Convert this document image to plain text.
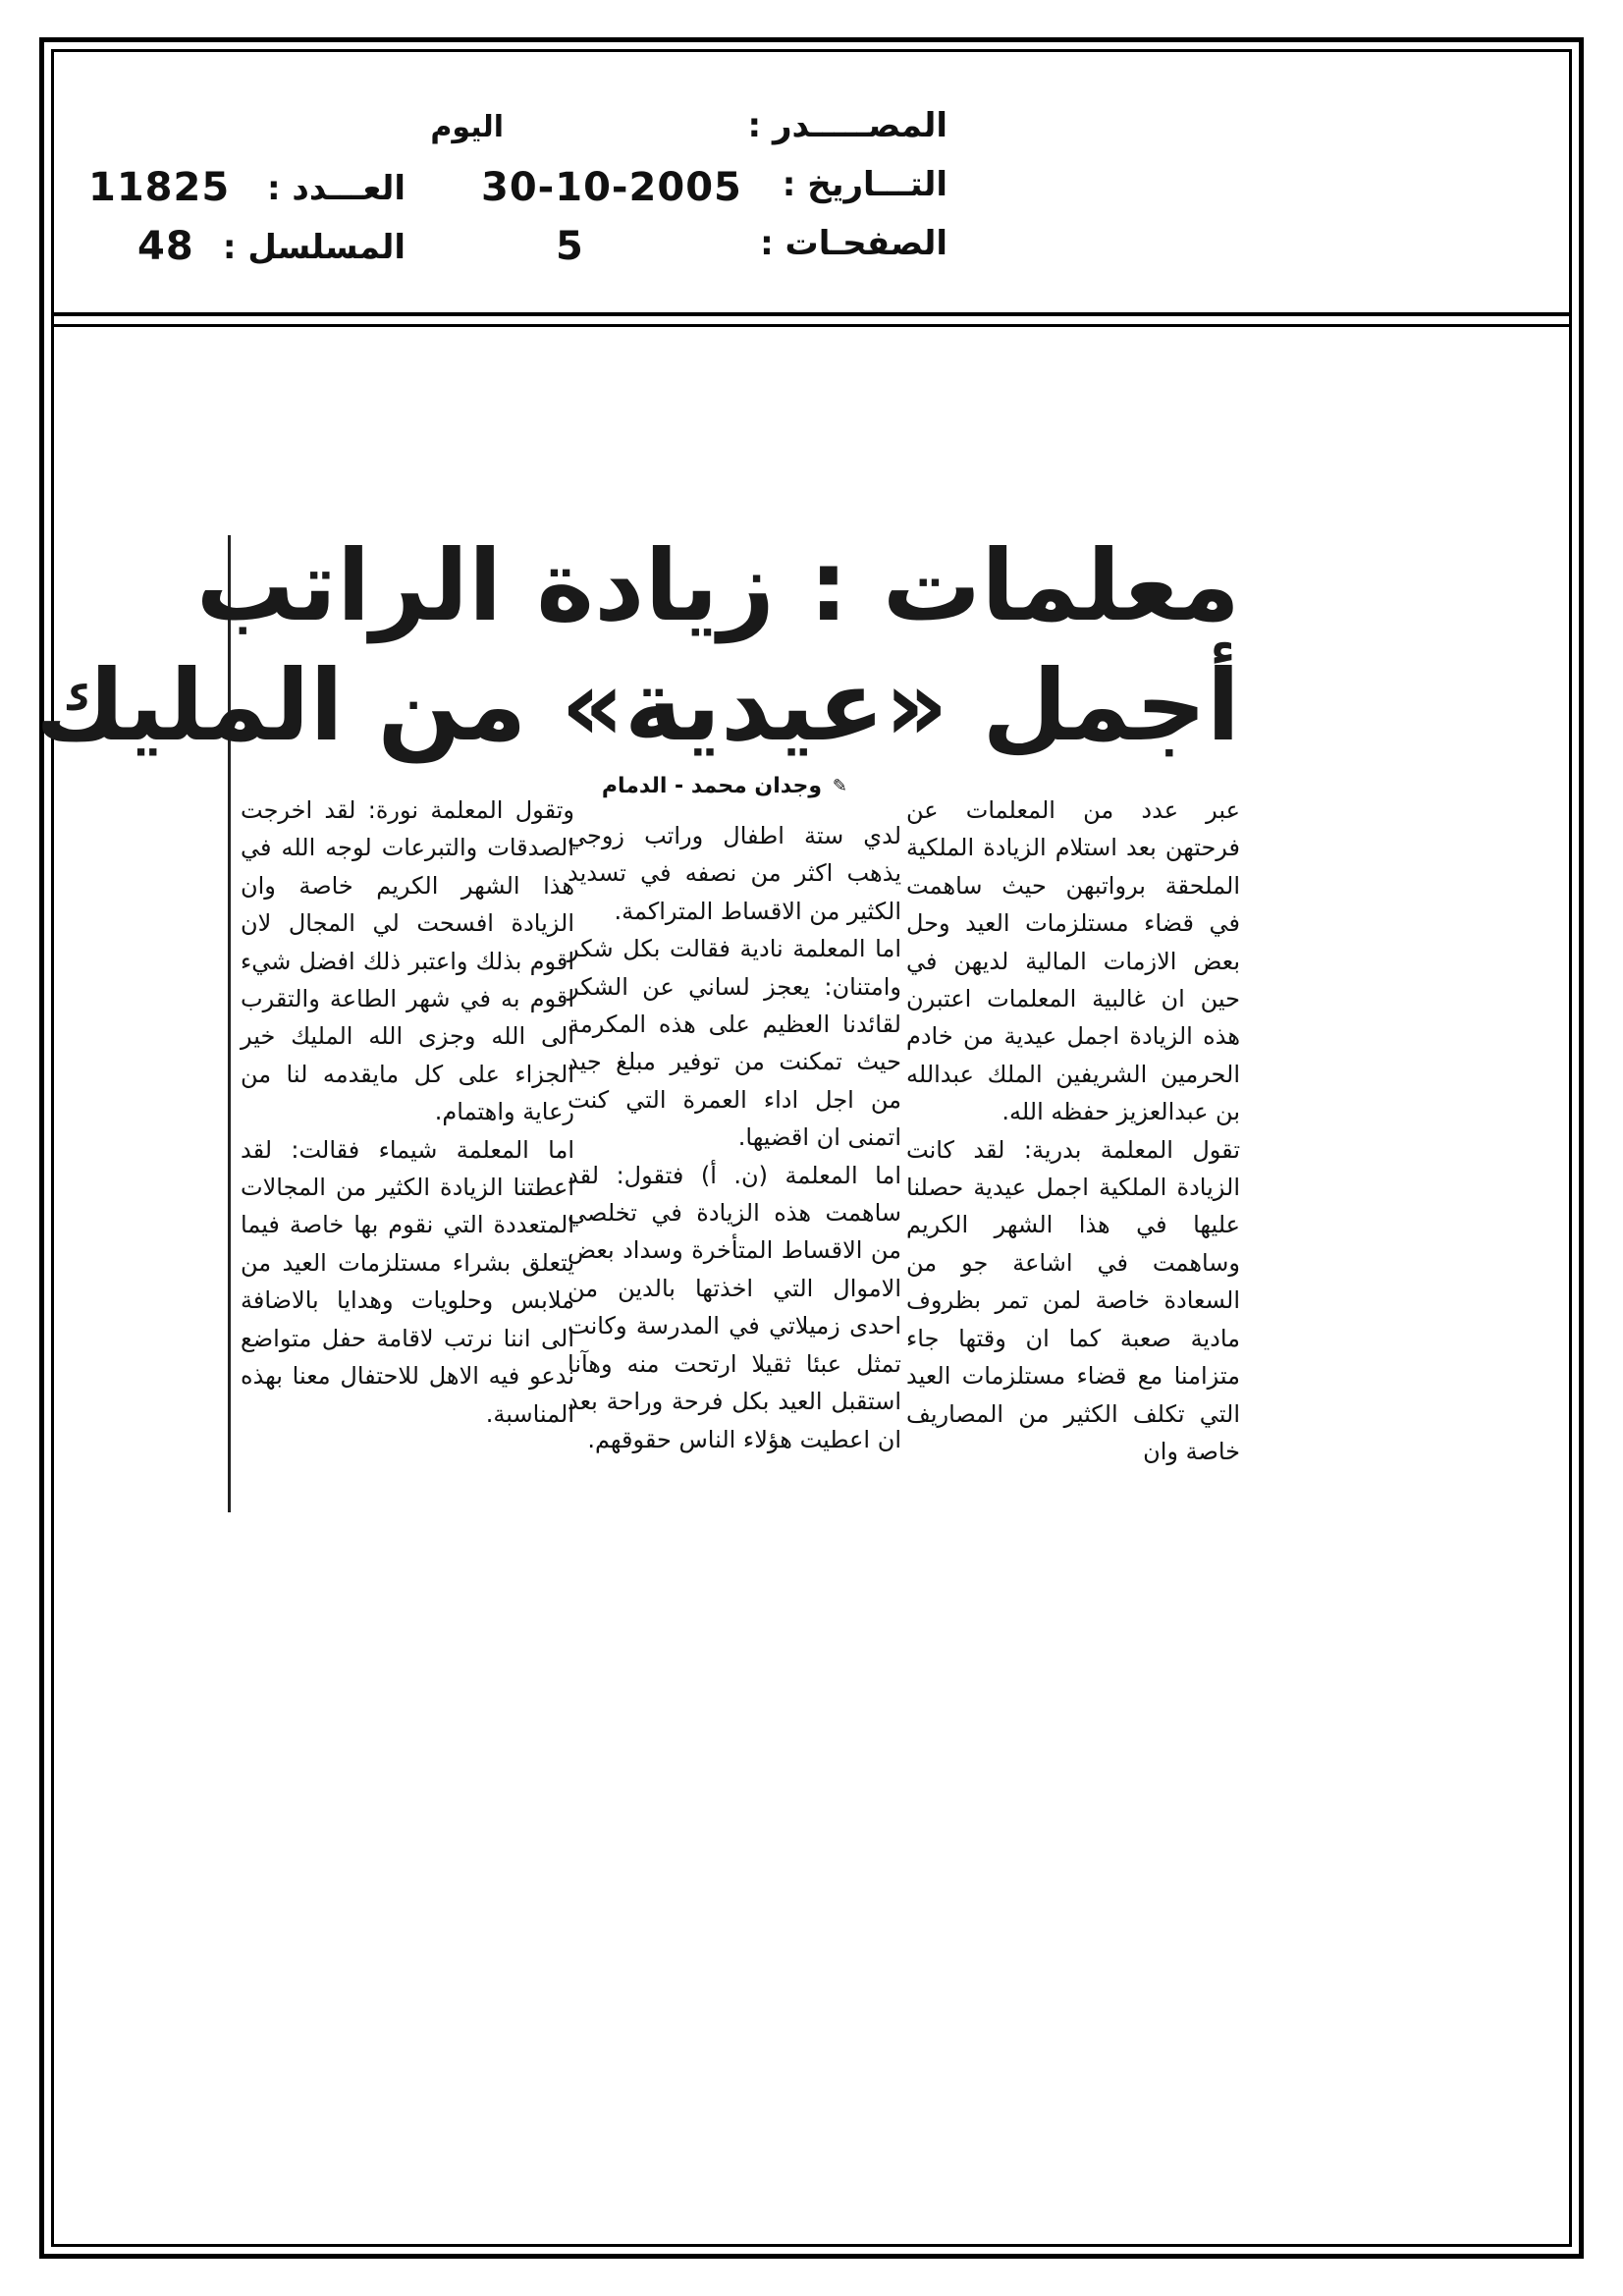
المصـــــدر :
اليوم
التـــاريخ :
30-10-2005
العـــدد :
11825
الصفحـات :
5
المسلسل :
48
معلمات : زيادة الراتب
أجمل «عيدية» من المليك
✎
وجدان محمد - الدمام

عبر عدد من المعلمات عن فرحتهن بعد استلام الزيادة الملكية الملحقة برواتبهن حيث ساهمت في قضاء مستلزمات العيد وحل بعض الازمات المالية لديهن في حين ان غالبية المعلمات اعتبرن هذه الزيادة اجمل عيدية من خادم الحرمين الشريفين الملك عبدالله بن عبدالعزيز حفظه الله.

تقول المعلمة بدرية: لقد كانت الزيادة الملكية اجمل عيدية حصلنا عليها في هذا الشهر الكريم وساهمت في اشاعة جو من السعادة خاصة لمن تمر بظروف مادية صعبة كما ان وقتها جاء متزامنا مع قضاء مستلزمات العيد التي تكلف الكثير من المصاريف خاصة وان

لدي ستة اطفال وراتب زوجي يذهب اكثر من نصفه في تسديد الكثير من الاقساط المتراكمة.

اما المعلمة نادية فقالت بكل شكر وامتنان: يعجز لساني عن الشكر لقائدنا العظيم على هذه المكرمة حيث تمكنت من توفير مبلغ جيد من اجل اداء العمرة التي كنت اتمنى ان اقضيها.

اما المعلمة (ن. أ) فتقول: لقد ساهمت هذه الزيادة في تخلصي من الاقساط المتأخرة وسداد بعض الاموال التي اخذتها بالدين من احدى زميلاتي في المدرسة وكانت تمثل عبئا ثقيلا ارتحت منه وهآنا استقبل العيد بكل فرحة وراحة بعد ان اعطيت هؤلاء الناس حقوقهم.

وتقول المعلمة نورة: لقد اخرجت الصدقات والتبرعات لوجه الله في هذا الشهر الكريم خاصة وان الزيادة افسحت لي المجال لان اقوم بذلك واعتبر ذلك افضل شيء اقوم به في شهر الطاعة والتقرب الى الله وجزى الله المليك خير الجزاء على كل مايقدمه لنا من رعاية واهتمام.

اما المعلمة شيماء فقالت: لقد اعطتنا الزيادة الكثير من المجالات المتعددة التي نقوم بها خاصة فيما يتعلق بشراء مستلزمات العيد من ملابس وحلويات وهدايا بالاضافة الى اننا نرتب لاقامة حفل متواضع ندعو فيه الاهل للاحتفال معنا بهذه المناسبة.
